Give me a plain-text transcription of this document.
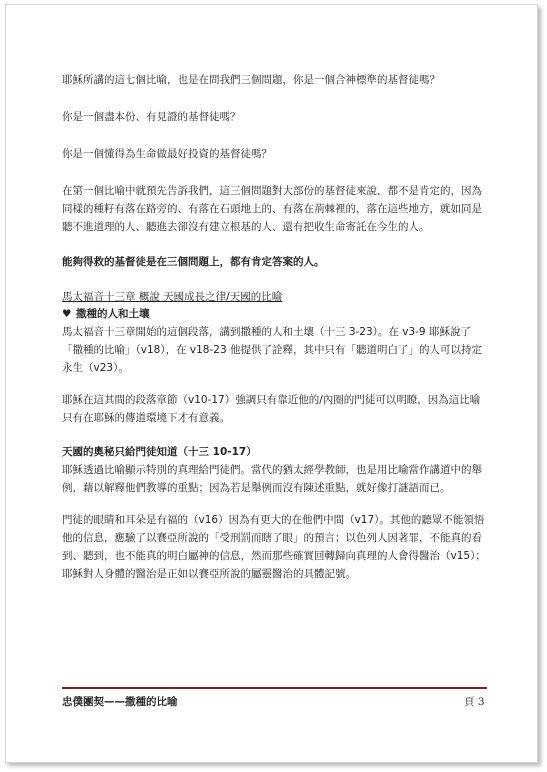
耶穌所講的這七個比喻，也是在問我們三個問題，你是一個合神標準的基督徒嗎？

你是一個盡本份、有見證的基督徒嗎？

你是一個懂得為生命做最好投資的基督徒嗎？

在第一個比喻中就預先告訴我們，這三個問題對大部份的基督徒來說，都不是肯定的，因為同樣的種籽有落在路旁的、有落在石頭地上的、有落在荊棘裡的，落在這些地方，就如同是聽不進道理的人、聽進去卻沒有建立根基的人、還有把收生命寄託在今生的人。

能夠得救的基督徒是在三個問題上，都有肯定答案的人。

馬太福音十三章 概說 天國成長之律/天國的比喻

♥ 撒種的人和土壤

馬太福音十三章開始的這個段落，講到撒種的人和土壤（十三 3-23）。在 v3-9 耶穌說了「撒種的比喻」（v18），在 v18-23 他提供了詮釋，其中只有「聽道明白了」的人可以持定永生（v23）。

耶穌在這其間的段落章節（v10-17）強調只有靠近他的/內圈的門徒可以明瞭，因為這比喻只有在耶穌的傳道環境下才有意義。

天國的奧秘只給門徒知道（十三 10-17）

耶穌透過比喻顯示特別的真理給門徒們。當代的猶太經學教師，也是用比喻當作講道中的舉例，藉以解釋他們教導的重點；因為若是舉例而沒有陳述重點，就好像打謎語而已。

門徒的眼睛和耳朵是有福的（v16）因為有更大的在他們中間（v17）。其他的聽眾不能領悟他的信息，應驗了以賽亞所說的「受刑罰而瞎了眼」的預言；以色列人因著罪，不能真的看到、聽到，也不能真的明白屬神的信息，然而那些確實回轉歸向真理的人會得醫治（v15）；耶穌對人身體的醫治是正如以賽亞所說的屬靈醫治的具體記號。

忠僕團契——撒種的比喻	頁 3
